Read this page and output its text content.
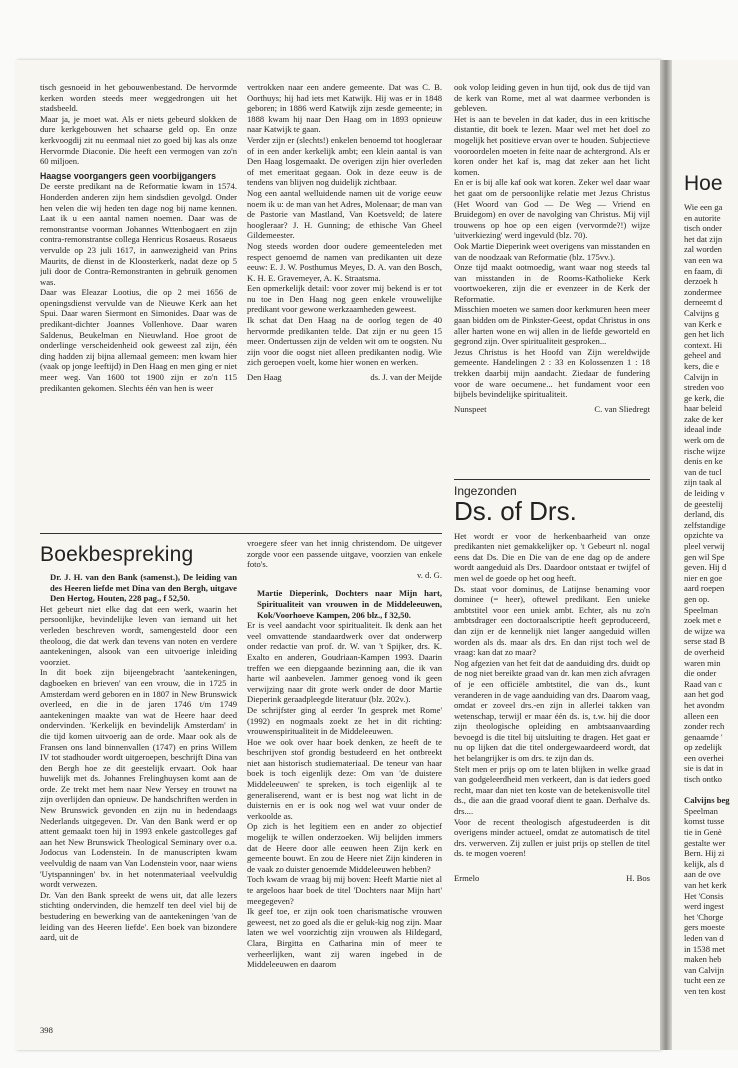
Hoe
Wie een ga
en autorite
tisch onder
het dat zijn
zal worden
van een wa
en faam, di
derzoek h
zondermee
derneemt d
Calvijns g
van Kerk e
gen het lich
context. Hi
geheel and
kers, die e
Calvijn in
streden voo
ge kerk, die
haar beleid
zake de ker
ideaal inde
werk om de
rische wijze
denis en ke
van de tucl
zijn taak al
de leiding v
de geestelij
derland, dis
zelfstandige
opzichte va
pleel verwij
gen wil Spe
geven. Hij d
nier en goe
aard roepen
gen op.
Speelman
zoek met e
de wijze wa
serse stad B
de overheid
waren min
die onder
Raad van c
aan het god
het avondm
alleen een
zonder rech
genaamde '
op zedelijk
een overhei
sie is dat in
tisch ontko
Calvijns beg
Speelman
komst tusse
tie in Genè
gestalte wer
Bern. Hij zi
kelijk, als d
aan de ove
van het kerk
Het 'Consis
werd ingest
het 'Chorge
gers moeste
leden van d
in 1538 met
maken heb
van Calvijn
tucht een ze
ven ten kost

tisch gesnoeid in het gebouwenbestand. De hervormde kerken worden steeds meer weggedrongen uit het stadsbeeld.

Maar ja, je moet wat. Als er niets gebeurd slokken de dure kerkgebouwen het schaarse geld op. En onze kerkvoogdij zit nu eenmaal niet zo goed bij kas als onze Hervormde Diaconie. Die heeft een vermogen van zo'n 60 miljoen.

Haagse voorgangers geen voorbijgangers

De eerste predikant na de Reformatie kwam in 1574. Honderden anderen zijn hem sindsdien gevolgd. Onder hen velen die wij heden ten dage nog bij name kennen. Laat ik u een aantal namen noemen. Daar was de remonstrantse voorman Johannes Wttenbogaert en zijn contra-remonstrantse collega Henricus Rosaeus. Rosaeus vervulde op 23 juli 1617, in aanwezigheid van Prins Maurits, de dienst in de Kloosterkerk, nadat deze op 5 juli door de Contra-Remonstranten in gebruik genomen was.

Daar was Eleazar Lootius, die op 2 mei 1656 de openingsdienst vervulde van de Nieuwe Kerk aan het Spui. Daar waren Siermont en Simonides. Daar was de predikant-dichter Joannes Vollenhove. Daar waren Saldenus, Beukelman en Nieuwland. Hoe groot de onderlinge verscheidenheid ook geweest zal zijn, één ding hadden zij bijna allemaal gemeen: men kwam hier (vaak op jonge leeftijd) in Den Haag en men ging er niet meer weg. Van 1600 tot 1900 zijn er zo'n 115 predikanten gekomen. Slechts één van hen is weer

vertrokken naar een andere gemeente. Dat was C. B. Oorthuys; hij had iets met Katwijk. Hij was er in 1848 geboren; in 1886 werd Katwijk zijn zesde gemeente; in 1888 kwam hij naar Den Haag om in 1893 opnieuw naar Katwijk te gaan.

Verder zijn er (slechts!) enkelen benoemd tot hoogleraar of in een ander kerkelijk ambt; een klein aantal is van Den Haag losgemaakt. De overigen zijn hier overleden of met emeritaat gegaan. Ook in deze eeuw is de tendens van blijven nog duidelijk zichtbaar.

Nog een aantal welluidende namen uit de vorige eeuw noem ik u: de man van het Adres, Molenaar; de man van de Pastorie van Mastland, Van Koetsveld; de latere hoogleraar? J. H. Gunning; de ethische Van Gheel Gildemeester.

Nog steeds worden door oudere gemeenteleden met respect genoemd de namen van predikanten uit deze eeuw: E. J. W. Posthumus Meyes, D. A. van den Bosch, K. H. E. Gravemeyer, A. K. Straatsma.

Een opmerkelijk detail: voor zover mij bekend is er tot nu toe in Den Haag nog geen enkele vrouwelijke predikant voor gewone werkzaamheden geweest.

Ik schat dat Den Haag na de oorlog tegen de 40 hervormde predikanten telde. Dat zijn er nu geen 15 meer. Ondertussen zijn de velden wit om te oogsten. Nu zijn voor die oogst niet alleen predikanten nodig. Wie zich geroepen voelt, kome hier wonen en werken.

Den Haag	ds. J. van der Meijde

ook volop leiding geven in hun tijd, ook dus de tijd van de kerk van Rome, met al wat daarmee verbonden is gebleven.

Het is aan te bevelen in dat kader, dus in een kritische distantie, dit boek te lezen. Maar wel met het doel zo mogelijk het positieve ervan over te houden. Subjectieve vooroordelen moeten in feite naar de achtergrond. Als er koren onder het kaf is, mag dat zeker aan het licht komen.

En er is bij alle kaf ook wat koren. Zeker wel daar waar het gaat om de persoonlijke relatie met Jezus Christus (Het Woord van God — De Weg — Vriend en Bruidegom) en over de navolging van Christus. Mij vijl trouwens op hoe op een eigen (vervormde?!) wijze 'uitverkiezing' werd ingevuld (blz. 70).

Ook Martie Dieperink weet overigens van misstanden en van de noodzaak van Reformatie (blz. 175vv.).

Onze tijd maakt ootmoedig, want waar nog steeds tal van misstanden in de Rooms-Katholieke Kerk voortwoekeren, zijn die er evenzeer in de Kerk der Reformatie.

Misschien moeten we samen door kerkmuren heen meer gaan bidden om de Pinkster-Geest, opdat Christus in ons aller harten wone en wij allen in de liefde geworteld en gegrond zijn. Over spiritualiteit gesproken...

Jezus Christus is het Hoofd van Zijn wereldwijde gemeente. Handelingen 2 : 33 en Kolossenzen 1 : 18 trekken daarbij mijn aandacht. Ziedaar de fundering voor de ware oecumene... het fundament voor een bijbels bevindelijke spiritualiteit.

Nunspeet	C. van Sliedregt
Boekbespreking

Dr. J. H. van den Bank (samenst.), De leiding van des Heeren liefde met Dina van den Bergh, uitgave Den Hertog, Houten, 228 pag., f 52,50.

Het gebeurt niet elke dag dat een werk, waarin het persoonlijke, bevindelijke leven van iemand uit het verleden beschreven wordt, samengesteld door een theoloog, die dat werk dan tevens van noten en verdere aantekeningen, alsook van een uitvoerige inleiding voorziet.

In dit boek zijn bijeengebracht 'aantekeningen, dagboeken en brieven' van een vrouw, die in 1725 in Amsterdam werd geboren en in 1807 in New Brunswick overleed, en die in de jaren 1746 t/m 1749 aantekeningen maakte van wat de Heere haar deed ondervinden. 'Kerkelijk en bevindelijk Amsterdam' in die tijd komen uitvoerig aan de orde. Maar ook als de Fransen ons land binnenvallen (1747) en prins Willem IV tot stadhouder wordt uitgeroepen, beschrijft Dina van den Bergh hoe ze dit geestelijk ervaart. Ook haar huwelijk met ds. Johannes Frelinghuysen komt aan de orde. Ze trekt met hem naar New Yersey en trouwt na zijn overlijden dan opnieuw. De handschriften werden in New Brunswick gevonden en zijn nu in hedendaags Nederlands uitgegeven. Dr. Van den Bank werd er op attent gemaakt toen hij in 1993 enkele gastcolleges gaf aan het New Brunswick Theological Seminary over o.a. Jodocus van Lodenstein. In de manuscripten kwam veelvuldig de naam van Van Lodenstein voor, naar wiens 'Uytspanningen' bv. in het notenmateriaal veelvuldig wordt verwezen.

Dr. Van den Bank spreekt de wens uit, dat alle lezers stichting ondervinden, die hemzelf ten deel viel bij de bestudering en bewerking van de aantekeningen 'van de leiding van des Heeren liefde'. Een boek van bizondere aard, uit de

vroegere sfeer van het innig christendom. De uitgever zorgde voor een passende uitgave, voorzien van enkele foto's.

v. d. G.

Martie Dieperink, Dochters naar Mijn hart, Spiritualiteit van vrouwen in de Middeleeuwen, Kok/Voorhoeve Kampen, 206 blz., f 32,50.

Er is veel aandacht voor spiritualiteit. Ik denk aan het veel omvattende standaardwerk over dat onderwerp onder redactie van prof. dr. W. van 't Spijker, drs. K. Exalto en anderen, Goudriaan-Kampen 1993. Daarin treffen we een diepgaande bezinning aan, die ik van harte wil aanbevelen. Jammer genoeg vond ik geen verwijzing naar dit grote werk onder de door Martie Dieperink geraadpleegde literatuur (blz. 202v.).

De schrijfster ging al eerder 'In gesprek met Rome' (1992) en nogmaals zoekt ze het in dit richting: vrouwenspiritualiteit in de Middeleeuwen.

Hoe we ook over haar boek denken, ze heeft de te beschrijven stof grondig bestudeerd en het ontbreekt niet aan historisch studiemateriaal. De teneur van haar boek is toch eigenlijk deze: Om van 'de duistere Middeleeuwen' te spreken, is toch eigenlijk al te generaliserend, want er is best nog wat licht in de duisternis en er is ook nog wel wat vuur onder de verkoolde as.

Op zich is het legitiem een en ander zo objectief mogelijk te willen onderzoeken. Wij belijden immers dat de Heere door alle eeuwen heen Zijn kerk en gemeente bouwt. En zou de Heere niet Zijn kinderen in de vaak zo duister genoemde Middeleeuwen hebben?

Toch kwam de vraag bij mij boven: Heeft Martie niet al te argeloos haar boek de titel 'Dochters naar Mijn hart' meegegeven?

Ik geef toe, er zijn ook toen charismatische vrouwen geweest, net zo goed als die er geluk-kig nog zijn. Maar laten we wel voorzichtig zijn vrouwen als Hildegard, Clara, Birgitta en Catharina min of meer te verheerlijken, want zij waren ingebed in de Middeleeuwen en daarom

Ingezonden
Ds. of Drs.

Het wordt er voor de herkenbaarheid van onze predikanten niet gemakkelijker op. 't Gebeurt nl. nogal eens dat Ds. Die en Die van de ene dag op de andere wordt aangeduid als Drs. Daardoor ontstaat er twijfel of men wel de goede op het oog heeft.

Ds. staat voor dominus, de Latijnse benaming voor dominee (= heer), oftewel predikant. Een unieke ambtstitel voor een uniek ambt. Echter, als nu zo'n ambtsdrager een doctoraalscriptie heeft geproduceerd, dan zijn er de kennelijk niet langer aangeduid willen worden als ds. maar als drs. En dan rijst toch wel de vraag: kan dat zo maar?

Nog afgezien van het feit dat de aanduiding drs. duidt op de nog niet bereikte graad van dr. kan men zich afvragen of je een officiële ambtstitel, die van ds., kunt veranderen in de vage aanduiding van drs. Daarom vaag, omdat er zoveel drs.-en zijn in allerlei takken van wetenschap, terwijl er maar één ds. is, t.w. hij die door zijn theologische opleiding en ambtsaanvaarding bevoegd is die titel bij uitsluiting te dragen. Het gaat er nu op lijken dat die titel ondergewaardeerd wordt, dat het belangrijker is om drs. te zijn dan ds.

Stelt men er prijs op om te laten blijken in welke graad van godgeleerdheid men verkeert, dan is dat ieders goed recht, maar dan niet ten koste van de betekenisvolle titel ds., die aan die graad vooraf dient te gaan. Derhalve ds. drs....

Voor de recent theologisch afgestudeerden is dit overigens minder actueel, omdat ze automatisch de titel drs. verwerven. Zij zullen er juist prijs op stellen de titel ds. te mogen voeren!

Ermelo	H. Bos
398
